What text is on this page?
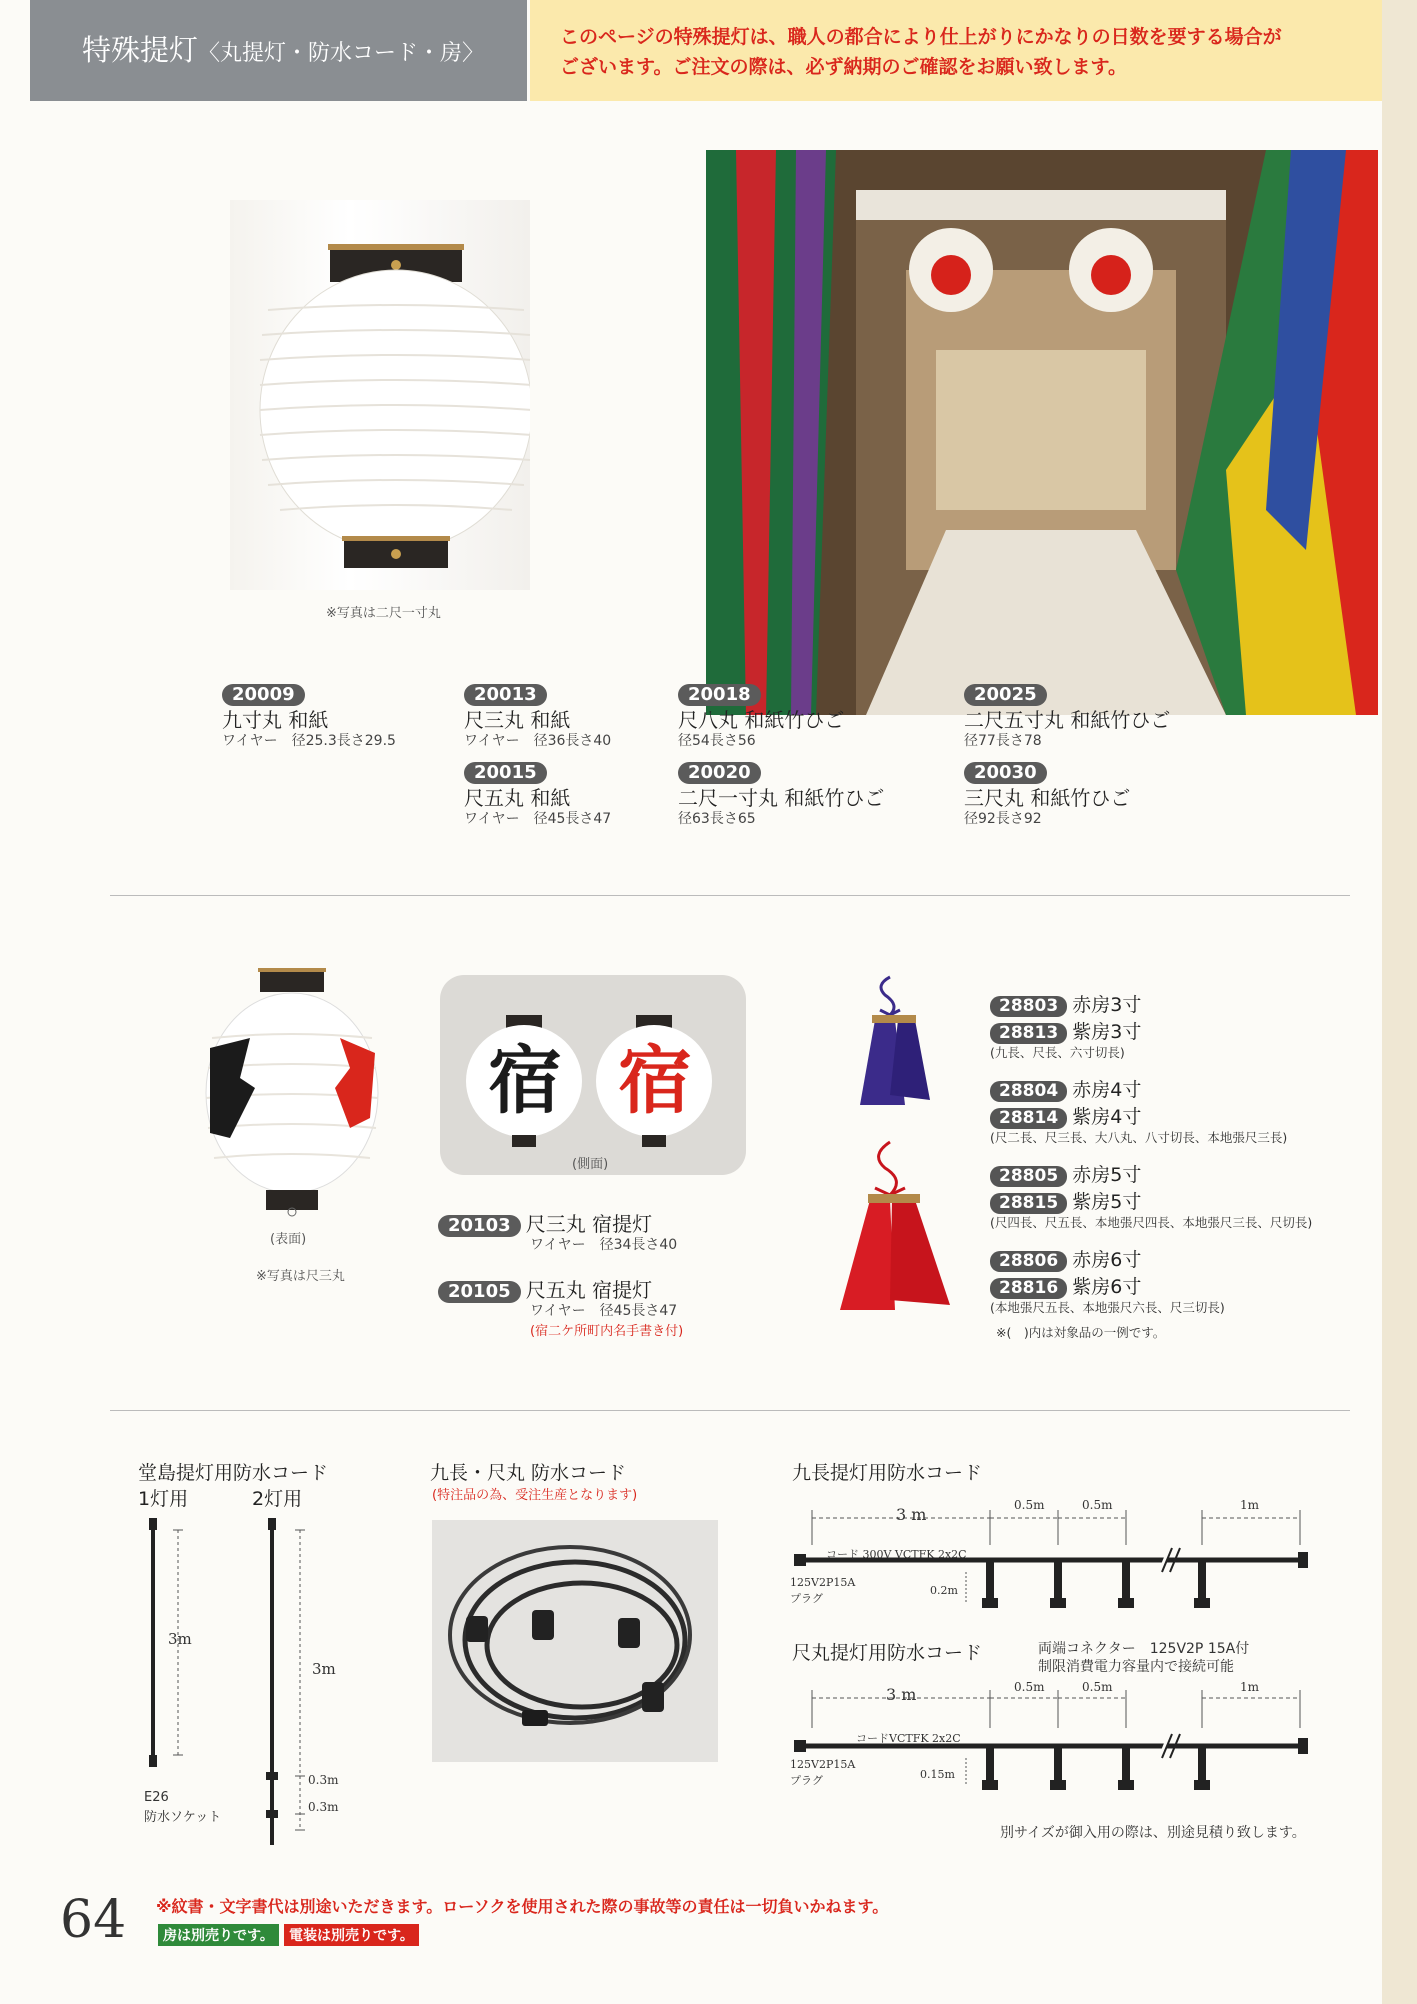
特殊提灯〈丸提灯・防水コード・房〉
このページの特殊提灯は、職人の都合により仕上がりにかなりの日数を要する場合が
ございます。ご注文の際は、必ず納期のご確認をお願い致します。
※写真は二尺一寸丸
20009
九寸丸 和紙
ワイヤー　径25.3長さ29.5
20013
尺三丸 和紙
ワイヤー　径36長さ40
20015
尺五丸 和紙
ワイヤー　径45長さ47
20018
尺八丸 和紙竹ひご
径54長さ56
20020
二尺一寸丸 和紙竹ひご
径63長さ65
20025
二尺五寸丸 和紙竹ひご
径77長さ78
20030
三尺丸 和紙竹ひご
径92長さ92
(表面)
※写真は尺三丸
宿 宿
(側面)
20103 尺三丸 宿提灯
ワイヤー　径34長さ40
20105 尺五丸 宿提灯
ワイヤー　径45長さ47
(宿二ケ所町内名手書き付)
28803 赤房3寸
28813 紫房3寸
(九長、尺長、六寸切長)
28804 赤房4寸
28814 紫房4寸
(尺二長、尺三長、大八丸、八寸切長、本地張尺三長)
28805 赤房5寸
28815 紫房5寸
(尺四長、尺五長、本地張尺四長、本地張尺三長、尺切長)
28806 赤房6寸
28816 紫房6寸
(本地張尺五長、本地張尺六長、尺三切長)
※(　)内は対象品の一例です。
堂島提灯用防水コード
1灯用	2灯用
3m
3m
0.3m
0.3m
E26
防水ソケット
九長・尺丸 防水コード
(特注品の為、受注生産となります)
九長提灯用防水コード
3 m	0.5m	0.5m	1m
コード 300V VCTFK 2x2C
125V2P15A
プラグ
0.2m
尺丸提灯用防水コード	両端コネクター　125V2P 15A付
制限消費電力容量内で接続可能
3 m	0.5m	0.5m	1m
コードVCTFK 2x2C
125V2P15A
プラグ	0.15m
別サイズが御入用の際は、別途見積り致します。
64 ※紋書・文字書代は別途いただきます。ローソクを使用された際の事故等の責任は一切負いかねます。
房は別売りです。 電装は別売りです。
